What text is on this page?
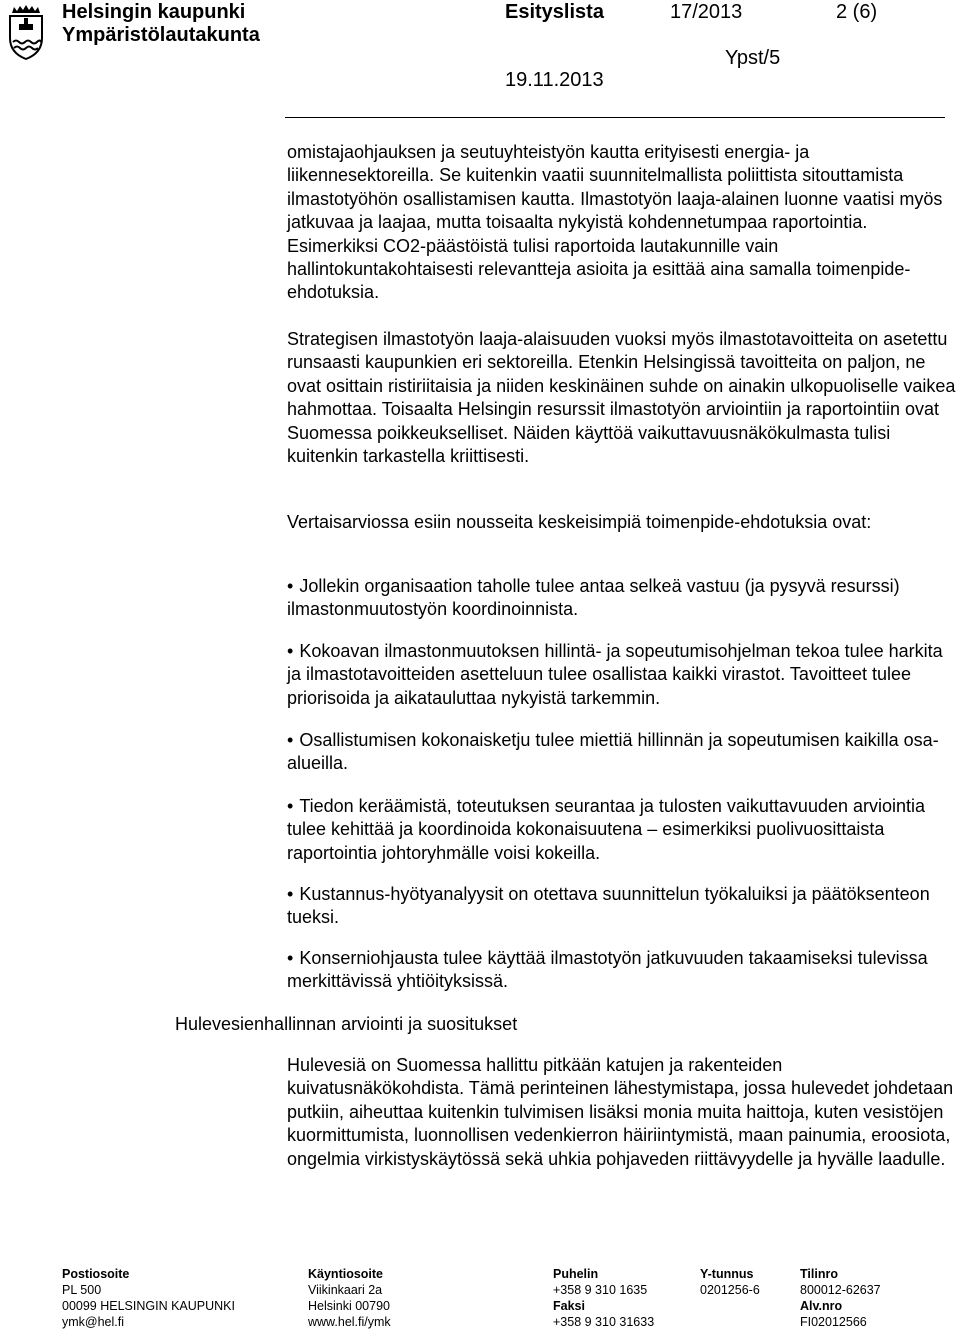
Helsingin kaupunki
Ympäristölautakunta
Esityslista	17/2013	2 (6)
Ypst/5
19.11.2013

omistajaohjauksen ja seutuyhteistyön kautta erityisesti energia- ja liikennesektoreilla. Se kuitenkin vaatii suunnitelmallista poliittista sitouttamista ilmastotyöhön osallistamisen kautta. Ilmastotyön laaja-alainen luonne vaatisi myös jatkuvaa ja laajaa, mutta toisaalta nykyistä kohdennetumpaa raportointia. Esimerkiksi CO2-päästöistä tulisi raportoida lautakunnille vain hallintokuntakohtaisesti relevantteja asioita ja esittää aina samalla toimenpide-ehdotuksia.

Strategisen ilmastotyön laaja-alaisuuden vuoksi myös ilmastotavoitteita on asetettu runsaasti kaupunkien eri sektoreilla. Etenkin Helsingissä tavoitteita on paljon, ne ovat osittain ristiriitaisia ja niiden keskinäinen suhde on ainakin ulkopuoliselle vaikea hahmottaa. Toisaalta Helsingin resurssit ilmastotyön arviointiin ja raportointiin ovat Suomessa poikkeukselliset. Näiden käyttöä vaikuttavuusnäkökulmasta tulisi kuitenkin tarkastella kriittisesti.

Vertaisarviossa esiin nousseita keskeisimpiä toimenpide-ehdotuksia ovat:

• Jollekin organisaation taholle tulee antaa selkeä vastuu (ja pysyvä resurssi) ilmastonmuutostyön koordinoinnista.

• Kokoavan ilmastonmuutoksen hillintä- ja sopeutumisohjelman tekoa tulee harkita ja ilmastotavoitteiden asetteluun tulee osallistaa kaikki virastot. Tavoitteet tulee priorisoida ja aikatauluttaa nykyistä tarkemmin.

• Osallistumisen kokonaisketju tulee miettiä hillinnän ja sopeutumisen kaikilla osa-alueilla.

• Tiedon keräämistä, toteutuksen seurantaa ja tulosten vaikuttavuuden arviointia tulee kehittää ja koordinoida kokonaisuutena – esimerkiksi puolivuosittaista raportointia johtoryhmälle voisi kokeilla.

• Kustannus-hyötyanalyysit on otettava suunnittelun työkaluiksi ja päätöksenteon tueksi.

• Konserniohjausta tulee käyttää ilmastotyön jatkuvuuden takaamiseksi tulevissa merkittävissä yhtiöityksissä.

Hulevesienhallinnan arviointi ja suositukset

Hulevesiä on Suomessa hallittu pitkään katujen ja rakenteiden kuivatusnäkökohdista. Tämä perinteinen lähestymistapa, jossa hulevedet johdetaan putkiin, aiheuttaa kuitenkin tulvimisen lisäksi monia muita haittoja, kuten vesistöjen kuormittumista, luonnollisen vedenkierron häiriintymistä, maan painumia, eroosiota, ongelmia virkistyskäytössä sekä uhkia pohjaveden riittävyydelle ja hyvälle laadulle.

Postiosoite
PL 500
00099 HELSINGIN KAUPUNKI
ymk@hel.fi
Käyntiosoite
Viikinkaari 2a
Helsinki 00790
www.hel.fi/ymk
Puhelin
+358 9 310 1635
Faksi
+358 9 310 31633
Y-tunnus
0201256-6
Tilinro
800012-62637
Alv.nro
FI02012566
